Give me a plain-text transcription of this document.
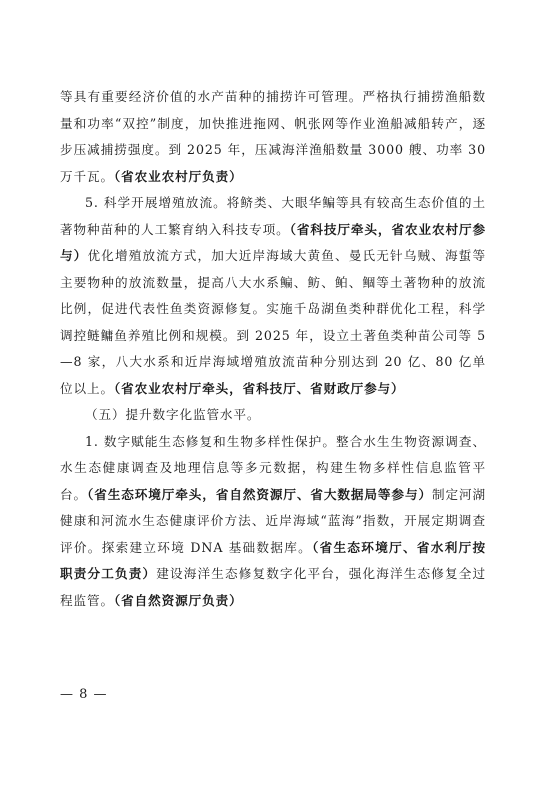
等具有重要经济价值的水产苗种的捕捞许可管理。严格执行捕捞渔船数量和功率“双控”制度，加快推进拖网、帆张网等作业渔船减船转产，逐步压减捕捞强度。到 2025 年，压减海洋渔船数量 3000 艘、功率 30 万千瓦。（省农业农村厅负责）

5. 科学开展增殖放流。将鲚类、大眼华鳊等具有较高生态价值的土著物种苗种的人工繁育纳入科技专项。（省科技厅牵头，省农业农村厅参与）优化增殖放流方式，加大近岸海域大黄鱼、曼氏无针乌贼、海蜇等主要物种的放流数量，提高八大水系鳊、鲂、鲌、鲴等土著物种的放流比例，促进代表性鱼类资源修复。实施千岛湖鱼类种群优化工程，科学调控鲢鳙鱼养殖比例和规模。到 2025 年，设立土著鱼类种苗公司等 5—8 家，八大水系和近岸海域增殖放流苗种分别达到 20 亿、80 亿单位以上。（省农业农村厅牵头，省科技厅、省财政厅参与）

（五）提升数字化监管水平。

1. 数字赋能生态修复和生物多样性保护。整合水生生物资源调查、水生态健康调查及地理信息等多元数据，构建生物多样性信息监管平台。（省生态环境厅牵头，省自然资源厅、省大数据局等参与）制定河湖健康和河流水生态健康评价方法、近岸海域“蓝海”指数，开展定期调查评价。探索建立环境 DNA 基础数据库。（省生态环境厅、省水利厅按职责分工负责）建设海洋生态修复数字化平台，强化海洋生态修复全过程监管。（省自然资源厅负责）

— 8 —
